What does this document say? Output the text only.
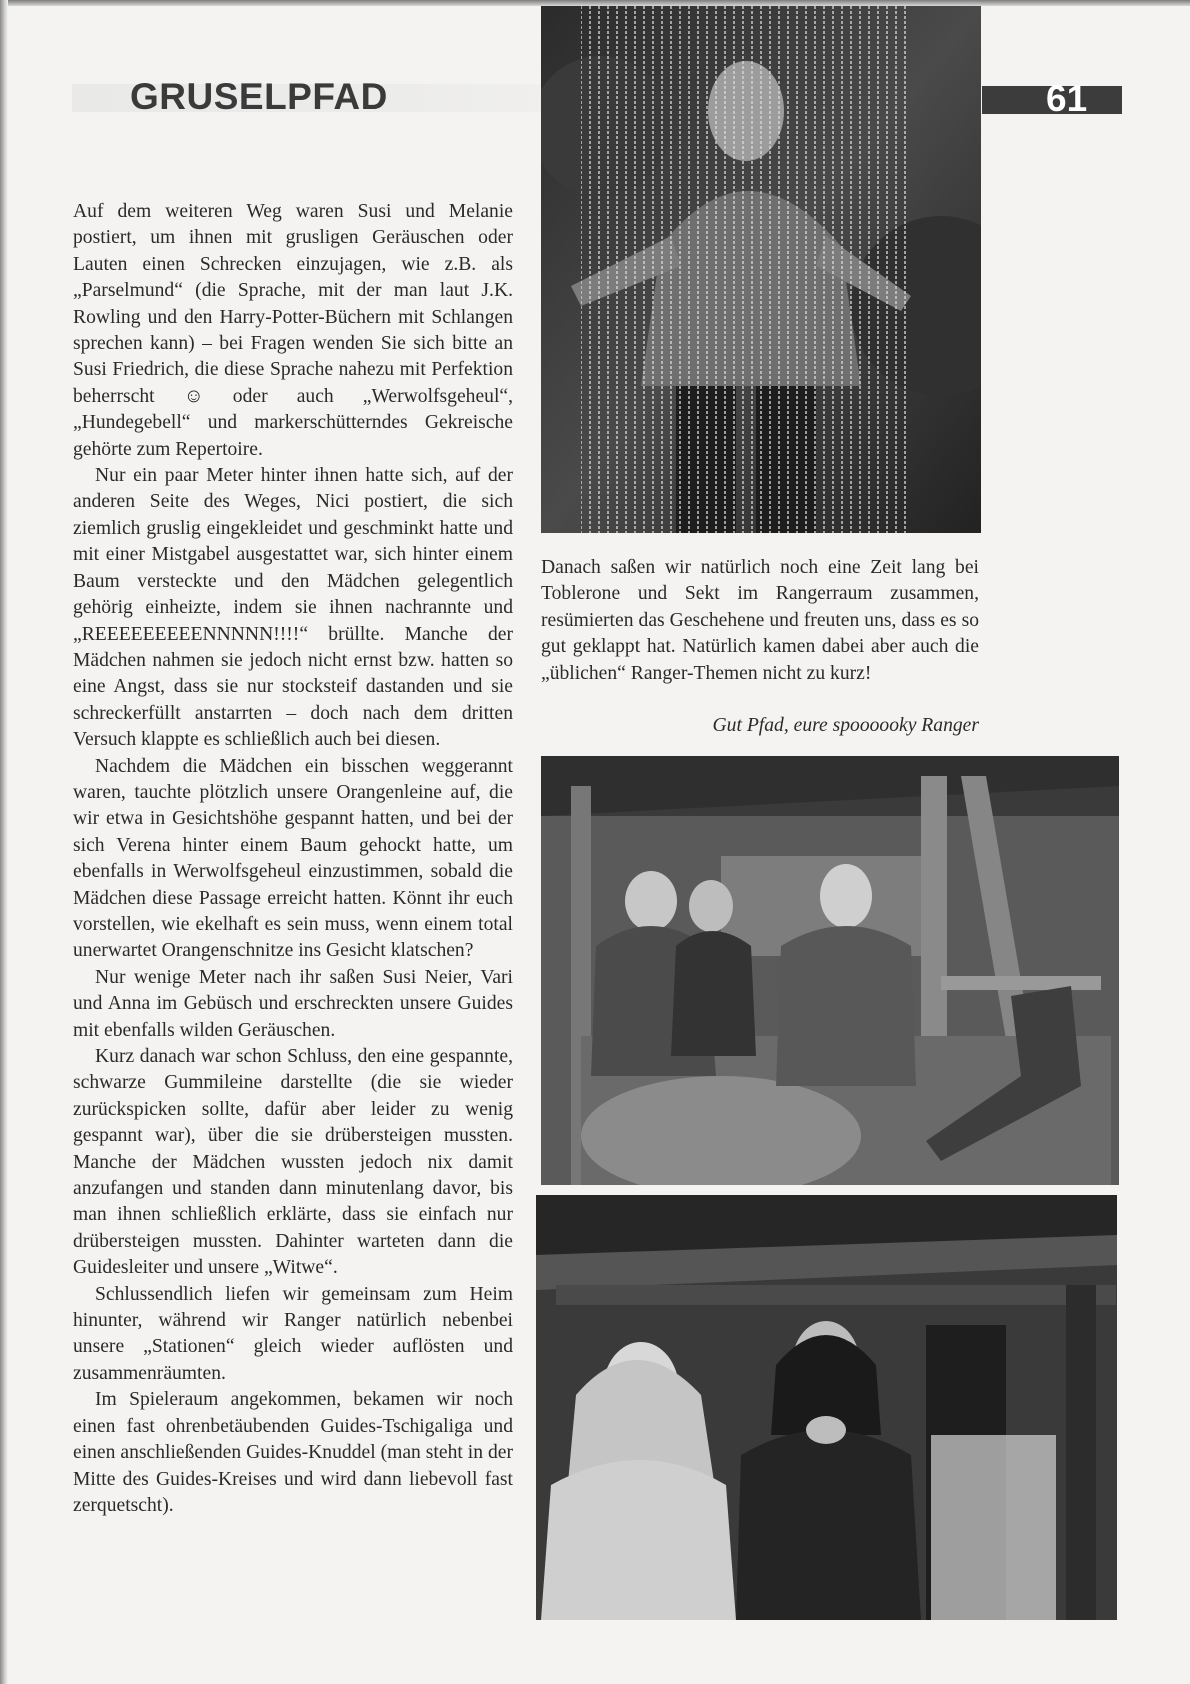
GRUSELPFAD	61

Auf dem weiteren Weg waren Susi und Melanie postiert, um ihnen mit grusligen Geräuschen oder Lauten einen Schrecken einzujagen, wie z.B. als „Parselmund“ (die Sprache, mit der man laut J.K. Rowling und den Harry-Potter-Büchern mit Schlangen sprechen kann) – bei Fragen wenden Sie sich bitte an Susi Friedrich, die diese Sprache nahezu mit Perfektion beherrscht ☺ oder auch „Werwolfsgeheul“, „Hundegebell“ und markerschütterndes Gekreische gehörte zum Repertoire.

Nur ein paar Meter hinter ihnen hatte sich, auf der anderen Seite des Weges, Nici postiert, die sich ziemlich gruslig eingekleidet und geschminkt hatte und mit einer Mistgabel ausgestattet war, sich hinter einem Baum versteckte und den Mädchen gelegentlich gehörig einheizte, indem sie ihnen nachrannte und „REEEEEEEEENNNNN!!!!“ brüllte. Manche der Mädchen nahmen sie jedoch nicht ernst bzw. hatten so eine Angst, dass sie nur stocksteif dastanden und sie schreckerfüllt anstarrten – doch nach dem dritten Versuch klappte es schließlich auch bei diesen.

Nachdem die Mädchen ein bisschen weggerannt waren, tauchte plötzlich unsere Orangenleine auf, die wir etwa in Gesichtshöhe gespannt hatten, und bei der sich Verena hinter einem Baum gehockt hatte, um ebenfalls in Werwolfsgeheul einzustimmen, sobald die Mädchen diese Passage erreicht hatten. Könnt ihr euch vorstellen, wie ekelhaft es sein muss, wenn einem total unerwartet Orangenschnitze ins Gesicht klatschen?

Nur wenige Meter nach ihr saßen Susi Neier, Vari und Anna im Gebüsch und erschreckten unsere Guides mit ebenfalls wilden Geräuschen.

Kurz danach war schon Schluss, den eine gespannte, schwarze Gummileine darstellte (die sie wieder zurückspicken sollte, dafür aber leider zu wenig gespannt war), über die sie drübersteigen mussten. Manche der Mädchen wussten jedoch nix damit anzufangen und standen dann minutenlang davor, bis man ihnen schließlich erklärte, dass sie einfach nur drübersteigen mussten. Dahinter warteten dann die Guidesleiter und unsere „Witwe“.

Schlussendlich liefen wir gemeinsam zum Heim hinunter, während wir Ranger natürlich nebenbei unsere „Stationen“ gleich wieder auflösten und zusammenräumten.

Im Spieleraum angekommen, bekamen wir noch einen fast ohrenbetäubenden Guides-Tschigaliga und einen anschließenden Guides-Knuddel (man steht in der Mitte des Guides-Kreises und wird dann liebevoll fast zerquetscht).

Danach saßen wir natürlich noch eine Zeit lang bei Toblerone und Sekt im Rangerraum zusammen, resümierten das Geschehene und freuten uns, dass es so gut geklappt hat. Natürlich kamen dabei aber auch die „üblichen“ Ranger-Themen nicht zu kurz!

Gut Pfad, eure spoooooky Ranger
